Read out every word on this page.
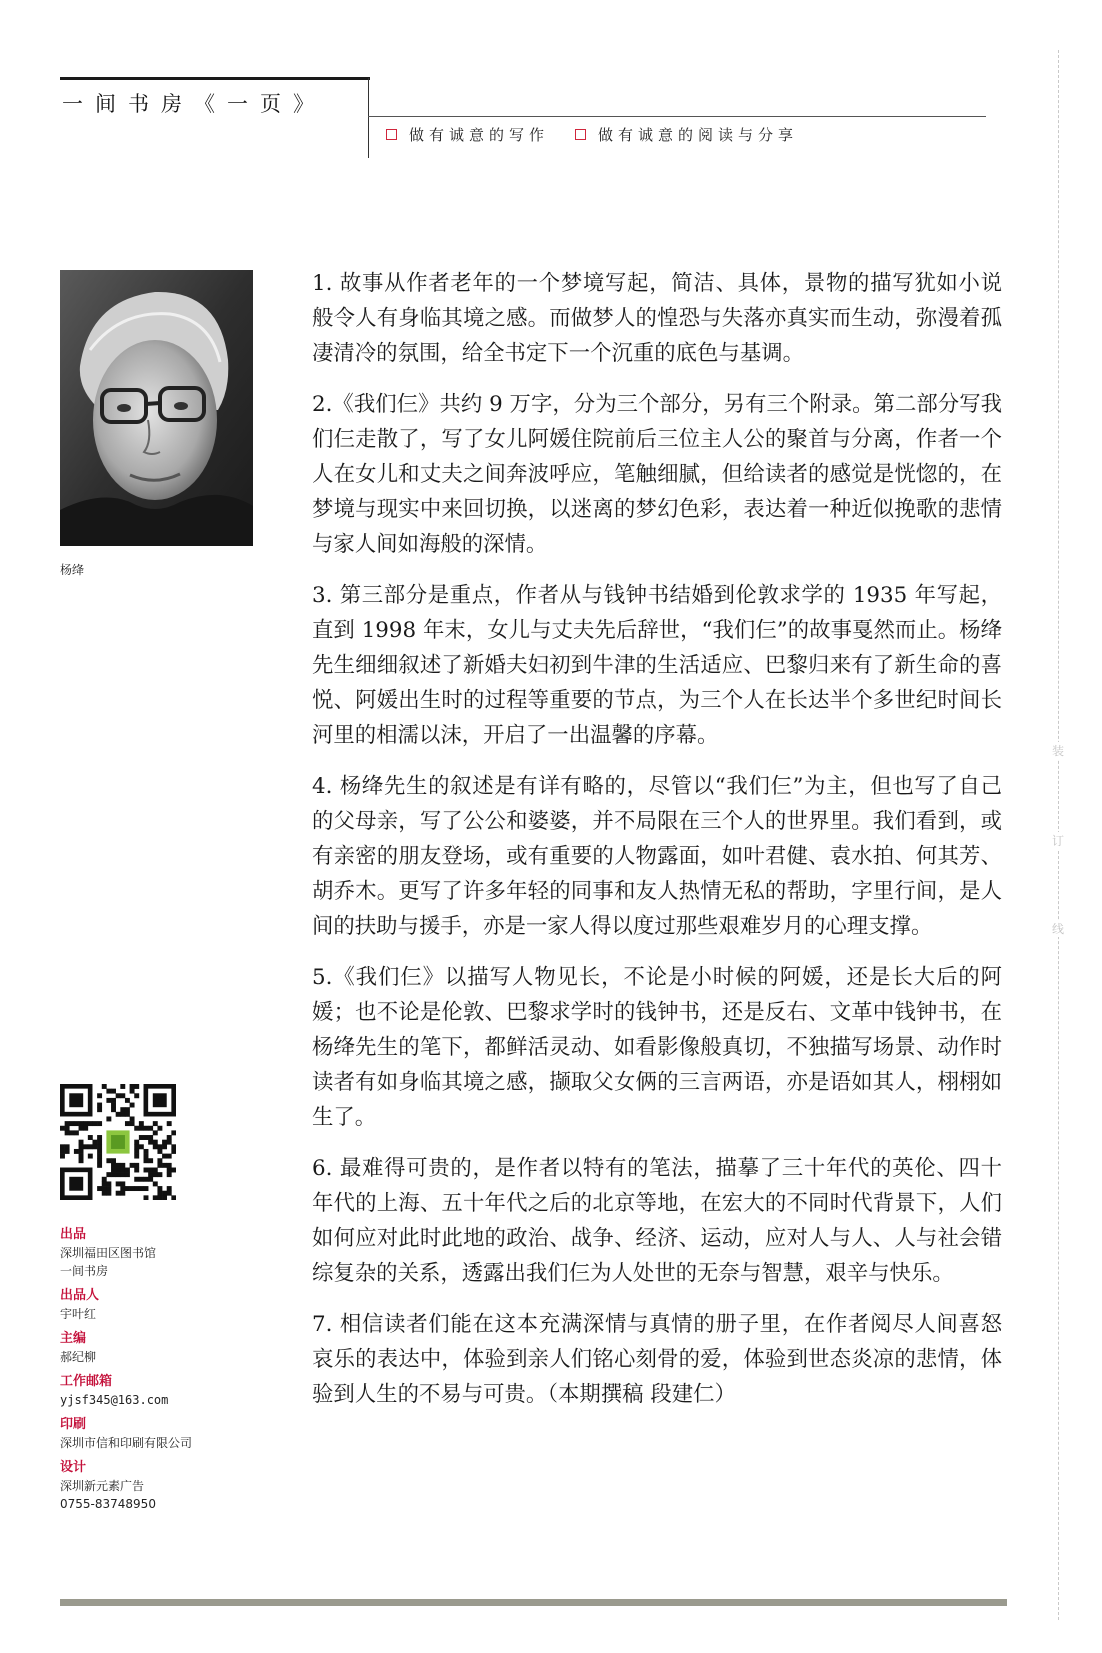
一间书房《一页》
做有诚意的写作	做有诚意的阅读与分享
装
订
线
杨绛
出品
深圳福田区图书馆
一间书房
出品人
宇叶红
主编
郝纪柳
工作邮箱
yjsf345@163.com
印刷
深圳市信和印刷有限公司
设计
深圳新元素广告
0755-83748950

1. 故事从作者老年的一个梦境写起，简洁、具体，景物的描写犹如小说般令人有身临其境之感。而做梦人的惶恐与失落亦真实而生动，弥漫着孤凄清冷的氛围，给全书定下一个沉重的底色与基调。

2.《我们仨》共约 9 万字，分为三个部分，另有三个附录。第二部分写我们仨走散了，写了女儿阿媛住院前后三位主人公的聚首与分离，作者一个人在女儿和丈夫之间奔波呼应，笔触细腻，但给读者的感觉是恍惚的，在梦境与现实中来回切换，以迷离的梦幻色彩，表达着一种近似挽歌的悲情与家人间如海般的深情。

3. 第三部分是重点，作者从与钱钟书结婚到伦敦求学的 1935 年写起，直到 1998 年末，女儿与丈夫先后辞世，“我们仨”的故事戛然而止。杨绛先生细细叙述了新婚夫妇初到牛津的生活适应、巴黎归来有了新生命的喜悦、阿媛出生时的过程等重要的节点，为三个人在长达半个多世纪时间长河里的相濡以沫，开启了一出温馨的序幕。

4. 杨绛先生的叙述是有详有略的，尽管以“我们仨”为主，但也写了自己的父母亲，写了公公和婆婆，并不局限在三个人的世界里。我们看到，或有亲密的朋友登场，或有重要的人物露面，如叶君健、袁水拍、何其芳、胡乔木。更写了许多年轻的同事和友人热情无私的帮助，字里行间，是人间的扶助与援手，亦是一家人得以度过那些艰难岁月的心理支撑。

5.《我们仨》以描写人物见长，不论是小时候的阿媛，还是长大后的阿媛；也不论是伦敦、巴黎求学时的钱钟书，还是反右、文革中钱钟书，在杨绛先生的笔下，都鲜活灵动、如看影像般真切，不独描写场景、动作时读者有如身临其境之感，撷取父女俩的三言两语，亦是语如其人，栩栩如生了。

6. 最难得可贵的，是作者以特有的笔法，描摹了三十年代的英伦、四十年代的上海、五十年代之后的北京等地，在宏大的不同时代背景下，人们如何应对此时此地的政治、战争、经济、运动，应对人与人、人与社会错综复杂的关系，透露出我们仨为人处世的无奈与智慧，艰辛与快乐。

7. 相信读者们能在这本充满深情与真情的册子里，在作者阅尽人间喜怒哀乐的表达中，体验到亲人们铭心刻骨的爱，体验到世态炎凉的悲情，体验到人生的不易与可贵。（本期撰稿 段建仁）
